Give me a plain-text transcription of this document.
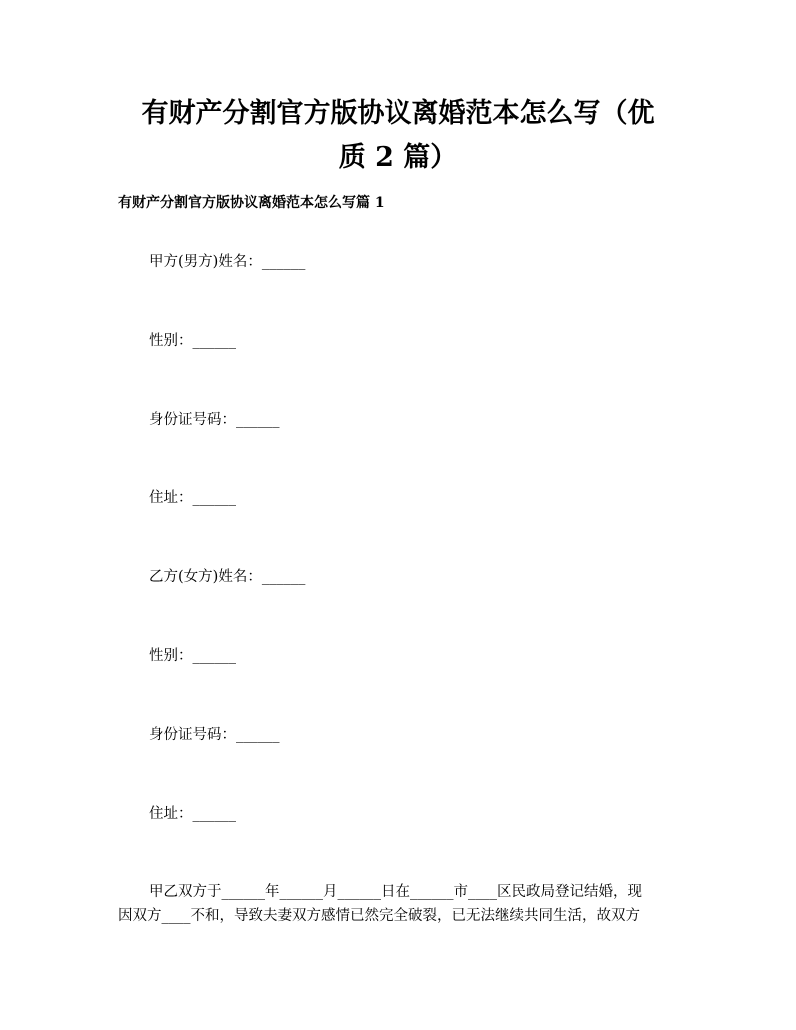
有财产分割官方版协议离婚范本怎么写（优
质 2 篇）

有财产分割官方版协议离婚范本怎么写篇 1

甲方(男方)姓名：______

性别：______

身份证号码：______

住址：______

乙方(女方)姓名：______

性别：______

身份证号码：______

住址：______

甲乙双方于______年______月______日在______市____区民政局登记结婚，现

因双方____不和，导致夫妻双方感情已然完全破裂，已无法继续共同生活，故双方
